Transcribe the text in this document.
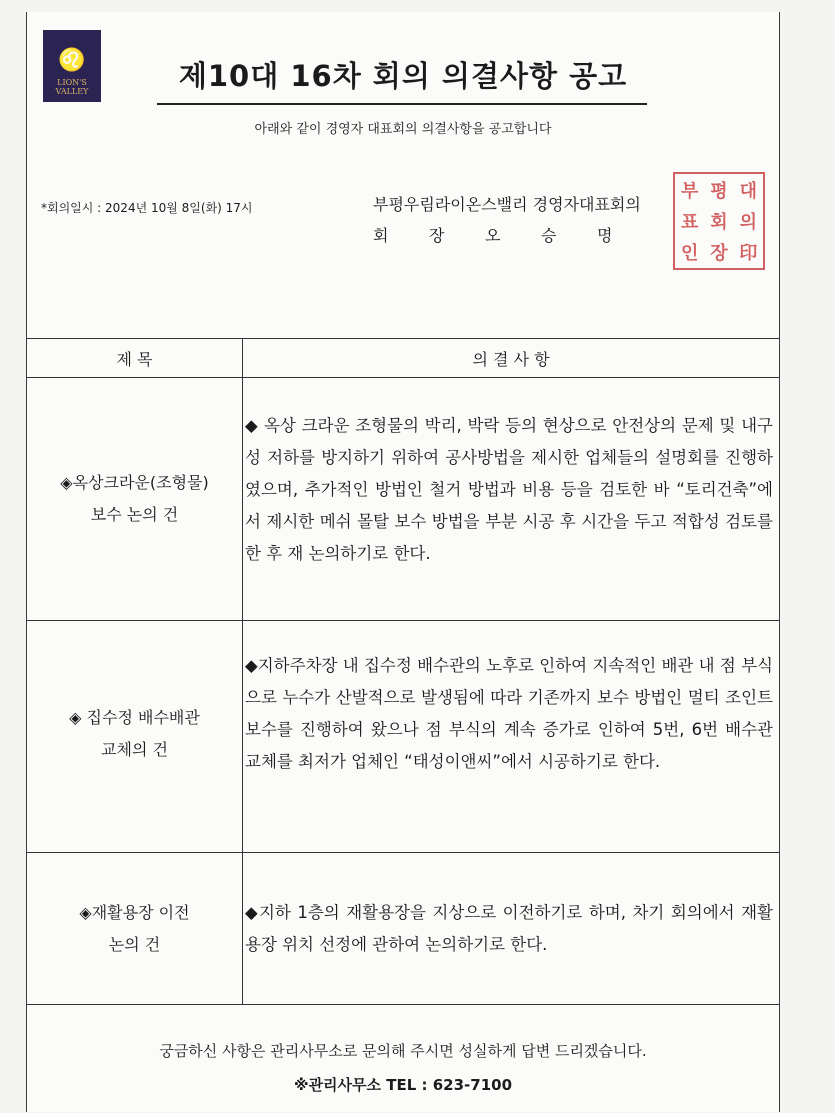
♌
LION'S
VALLEY	제10대 16차 회의 의결사항 공고
아래와 같이 경영자 대표회의 의결사항을 공고합니다
*회의일시 : 2024년 10월 8일(화) 17시	부평우림라이온스밸리 경영자대표회의
회	장	오	승	명
부 평 대
표 회 의
인 장 印
제 목	의 결 사 항
◈옥상크라운(조형물)
보수 논의 건
◆ 옥상 크라운 조형물의 박리, 박락 등의 현상으로 안전상의 문제 및 내구성 저하를 방지하기 위하여 공사방법을 제시한 업체들의 설명회를 진행하였으며, 추가적인 방법인 철거 방법과 비용 등을 검토한 바 “토리건축”에서 제시한 메쉬 몰탈 보수 방법을 부분 시공 후 시간을 두고 적합성 검토를 한 후 재 논의하기로 한다.
◈ 집수정 배수배관
교체의 건
◆지하주차장 내 집수정 배수관의 노후로 인하여 지속적인 배관 내 점 부식으로 누수가 산발적으로 발생됨에 따라 기존까지 보수 방법인 멀티 조인트 보수를 진행하여 왔으나 점 부식의 계속 증가로 인하여 5번, 6번 배수관 교체를 최저가 업체인 “태성이앤씨”에서 시공하기로 한다.
◈재활용장 이전
논의 건
◆지하 1층의 재활용장을 지상으로 이전하기로 하며, 차기 회의에서 재활용장 위치 선정에 관하여 논의하기로 한다.
궁금하신 사항은 관리사무소로 문의해 주시면 성실하게 답변 드리겠습니다.
※관리사무소 TEL : 623-7100
